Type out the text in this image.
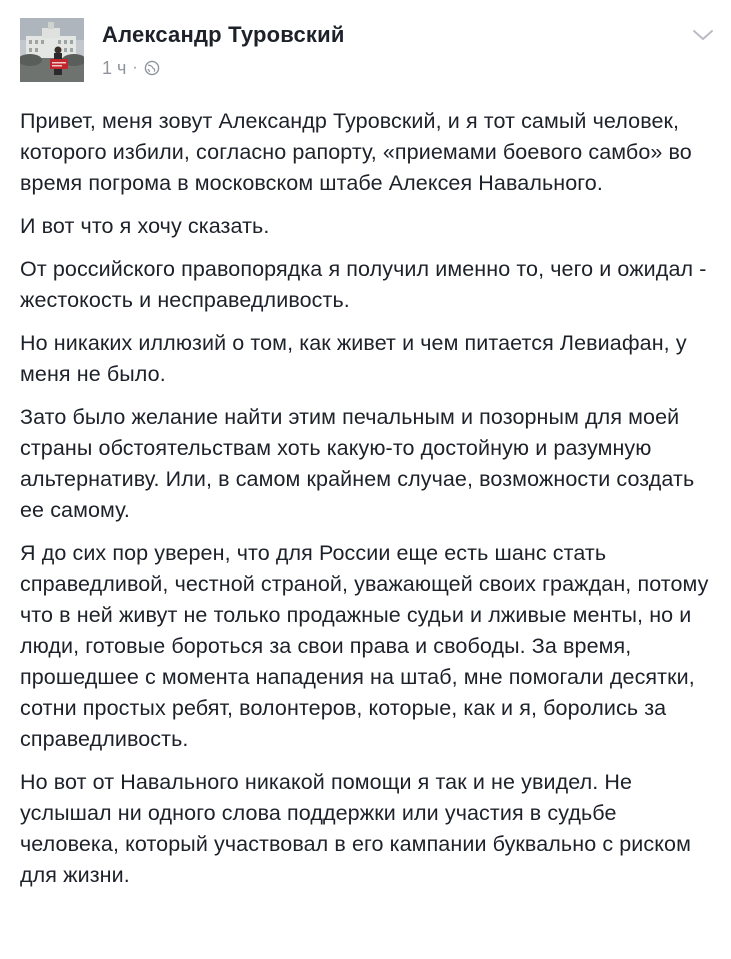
Александр Туровский
1 ч ·

Привет, меня зовут Александр Туровский, и я тот самый человек, которого избили, согласно рапорту, «приемами боевого самбо» во время погрома в московском штабе Алексея Навального.

И вот что я хочу сказать.

От российского правопорядка я получил именно то, чего и ожидал - жестокость и несправедливость.

Но никаких иллюзий о том, как живет и чем питается Левиафан, у меня не было.

Зато было желание найти этим печальным и позорным для моей страны обстоятельствам хоть какую-то достойную и разумную альтернативу. Или, в самом крайнем случае, возможности создать ее самому.

Я до сих пор уверен, что для России еще есть шанс стать справедливой, честной страной, уважающей своих граждан, потому что в ней живут не только продажные судьи и лживые менты, но и люди, готовые бороться за свои права и свободы. За время, прошедшее с момента нападения на штаб, мне помогали десятки, сотни простых ребят, волонтеров, которые, как и я, боролись за справедливость.

Но вот от Навального никакой помощи я так и не увидел. Не услышал ни одного слова поддержки или участия в судьбе человека, который участвовал в его кампании буквально с риском для жизни.
